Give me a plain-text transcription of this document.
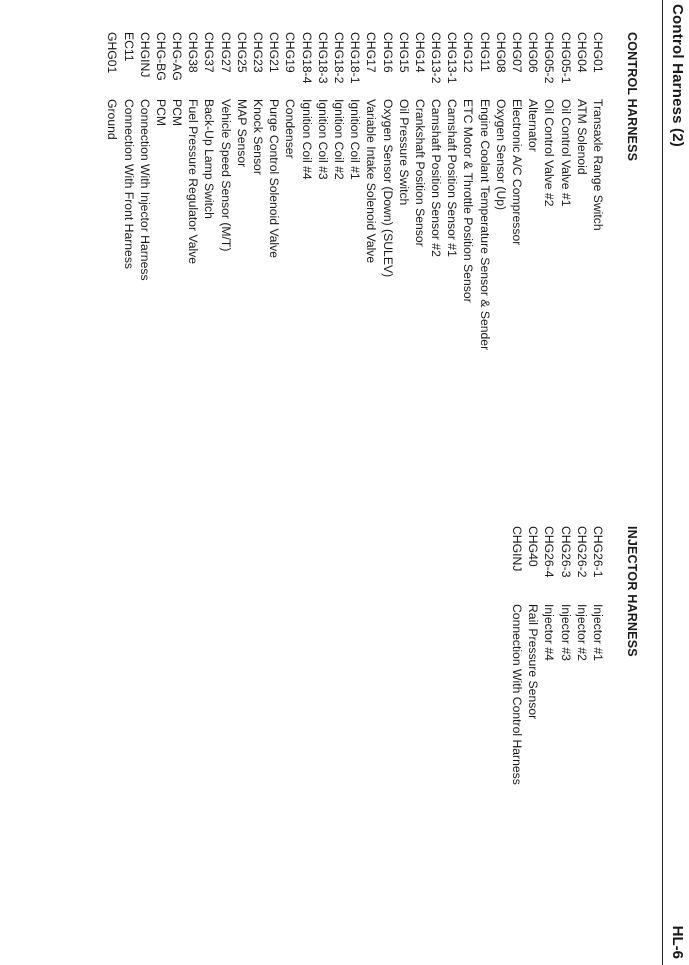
Control Harness (2)
HL-6
CONTROL HARNESS
CHG01
Transaxle Range Switch
CHG04
ATM Solenoid
CHG05-1
Oil Control Valve #1
CHG05-2
Oil Control Valve #2
CHG06
Alternator
CHG07
Electronic A/C Compressor
CHG08
Oxygen Sensor (Up)
CHG11
Engine Coolant Temperature Sensor & Sender
CHG12
ETC Motor & Throttle Position Sensor
CHG13-1
Camshaft Position Sensor #1
CHG13-2
Camshaft Position Sensor #2
CHG14
Crankshaft Position Sensor
CHG15
Oil Pressure Switch
CHG16
Oxygen Sensor (Down) (SULEV)
CHG17
Variable Intake Solenoid Valve
CHG18-1
Ignition Coil #1
CHG18-2
Ignition Coil #2
CHG18-3
Ignition Coil #3
CHG18-4
Ignition Coil #4
CHG19
Condenser
CHG21
Purge Control Solenoid Valve
CHG23
Knock Sensor
CHG25
MAP Sensor
CHG27
Vehicle Speed Sensor (M/T)
CHG37
Back-Up Lamp Switch
CHG38
Fuel Pressure Regulator Valve
CHG-AG
PCM
CHG-BG
PCM
CHGINJ
Connection With Injector Harness
EC11
Connection With Front Harness
GHG01
Ground
INJECTOR HARNESS
CHG26-1
Injector #1
CHG26-2
Injector #2
CHG26-3
Injector #3
CHG26-4
Injector #4
CHG40
Rail Pressure Sensor
CHGINJ
Connection With Control Harness
